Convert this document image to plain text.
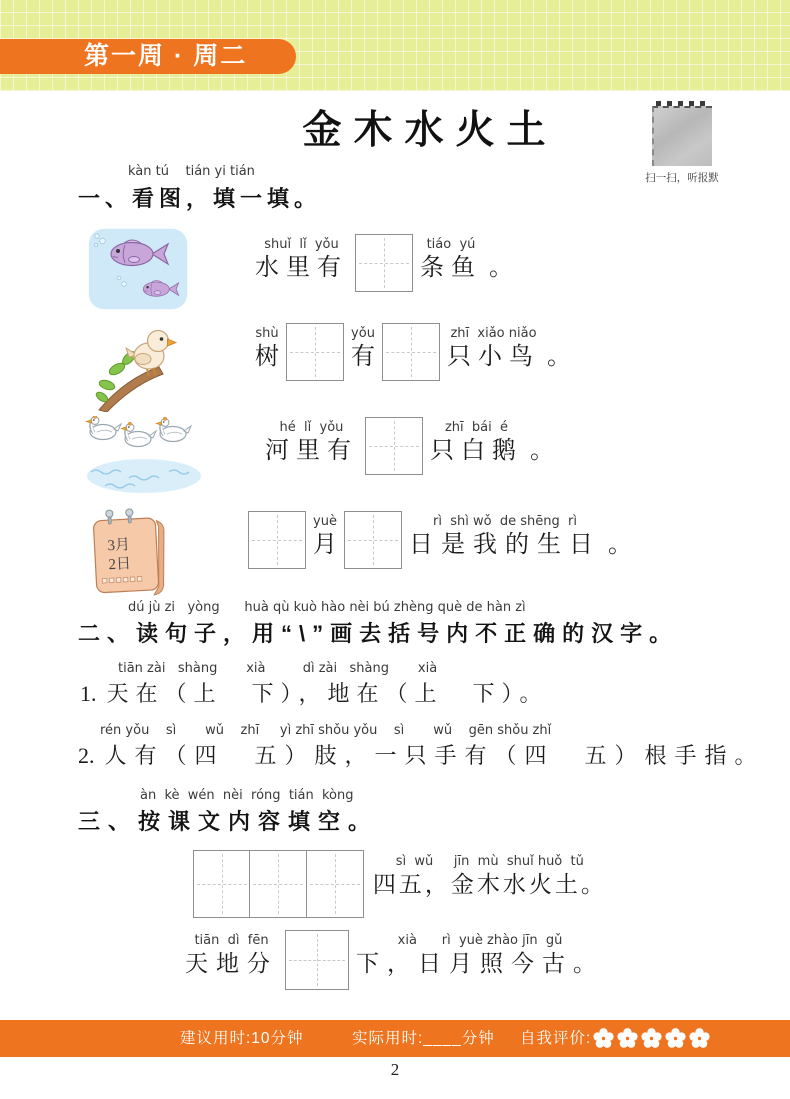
第一周 · 周二
金木水火土
扫一扫，听报默
kàn tú    tián yi tián
一、看图，填一填。
shuǐ  lǐ  yǒu
水里有
tiáo  yú
条鱼 。
shù
树
yǒu
有
zhī  xiǎo niǎo
只小鸟 。
hé  lǐ  yǒu
河里有
zhī  bái  é
只白鹅 。
3月
2日
yuè
月
rì  shì wǒ  de shēng  rì
日是我的生日 。
dú jù zi   yòng      huà qù kuò hào nèi bú zhèng què de hàn zì
二、读句子，用“\”画去括号内不正确的汉字。
tiān zài   shàng       xià         dì zài   shàng       xià
1. 天在（上　下），地在（上　下）。
rén yǒu    sì       wǔ    zhī     yì zhī shǒu yǒu    sì       wǔ    gēn shǒu zhǐ
2. 人有（四　五）肢，一只手有（四　五）根手指。
àn  kè  wén  nèi  róng  tián  kòng
三、按课文内容填空。
sì  wǔ     jīn  mù  shuǐ huǒ  tǔ
四五，金木水火土。
tiān  dì  fēn
天地分
xià      rì  yuè zhào jīn  gǔ
下，日月照今古。
建议用时:10分钟	实际用时:____分钟 自我评价:
2
